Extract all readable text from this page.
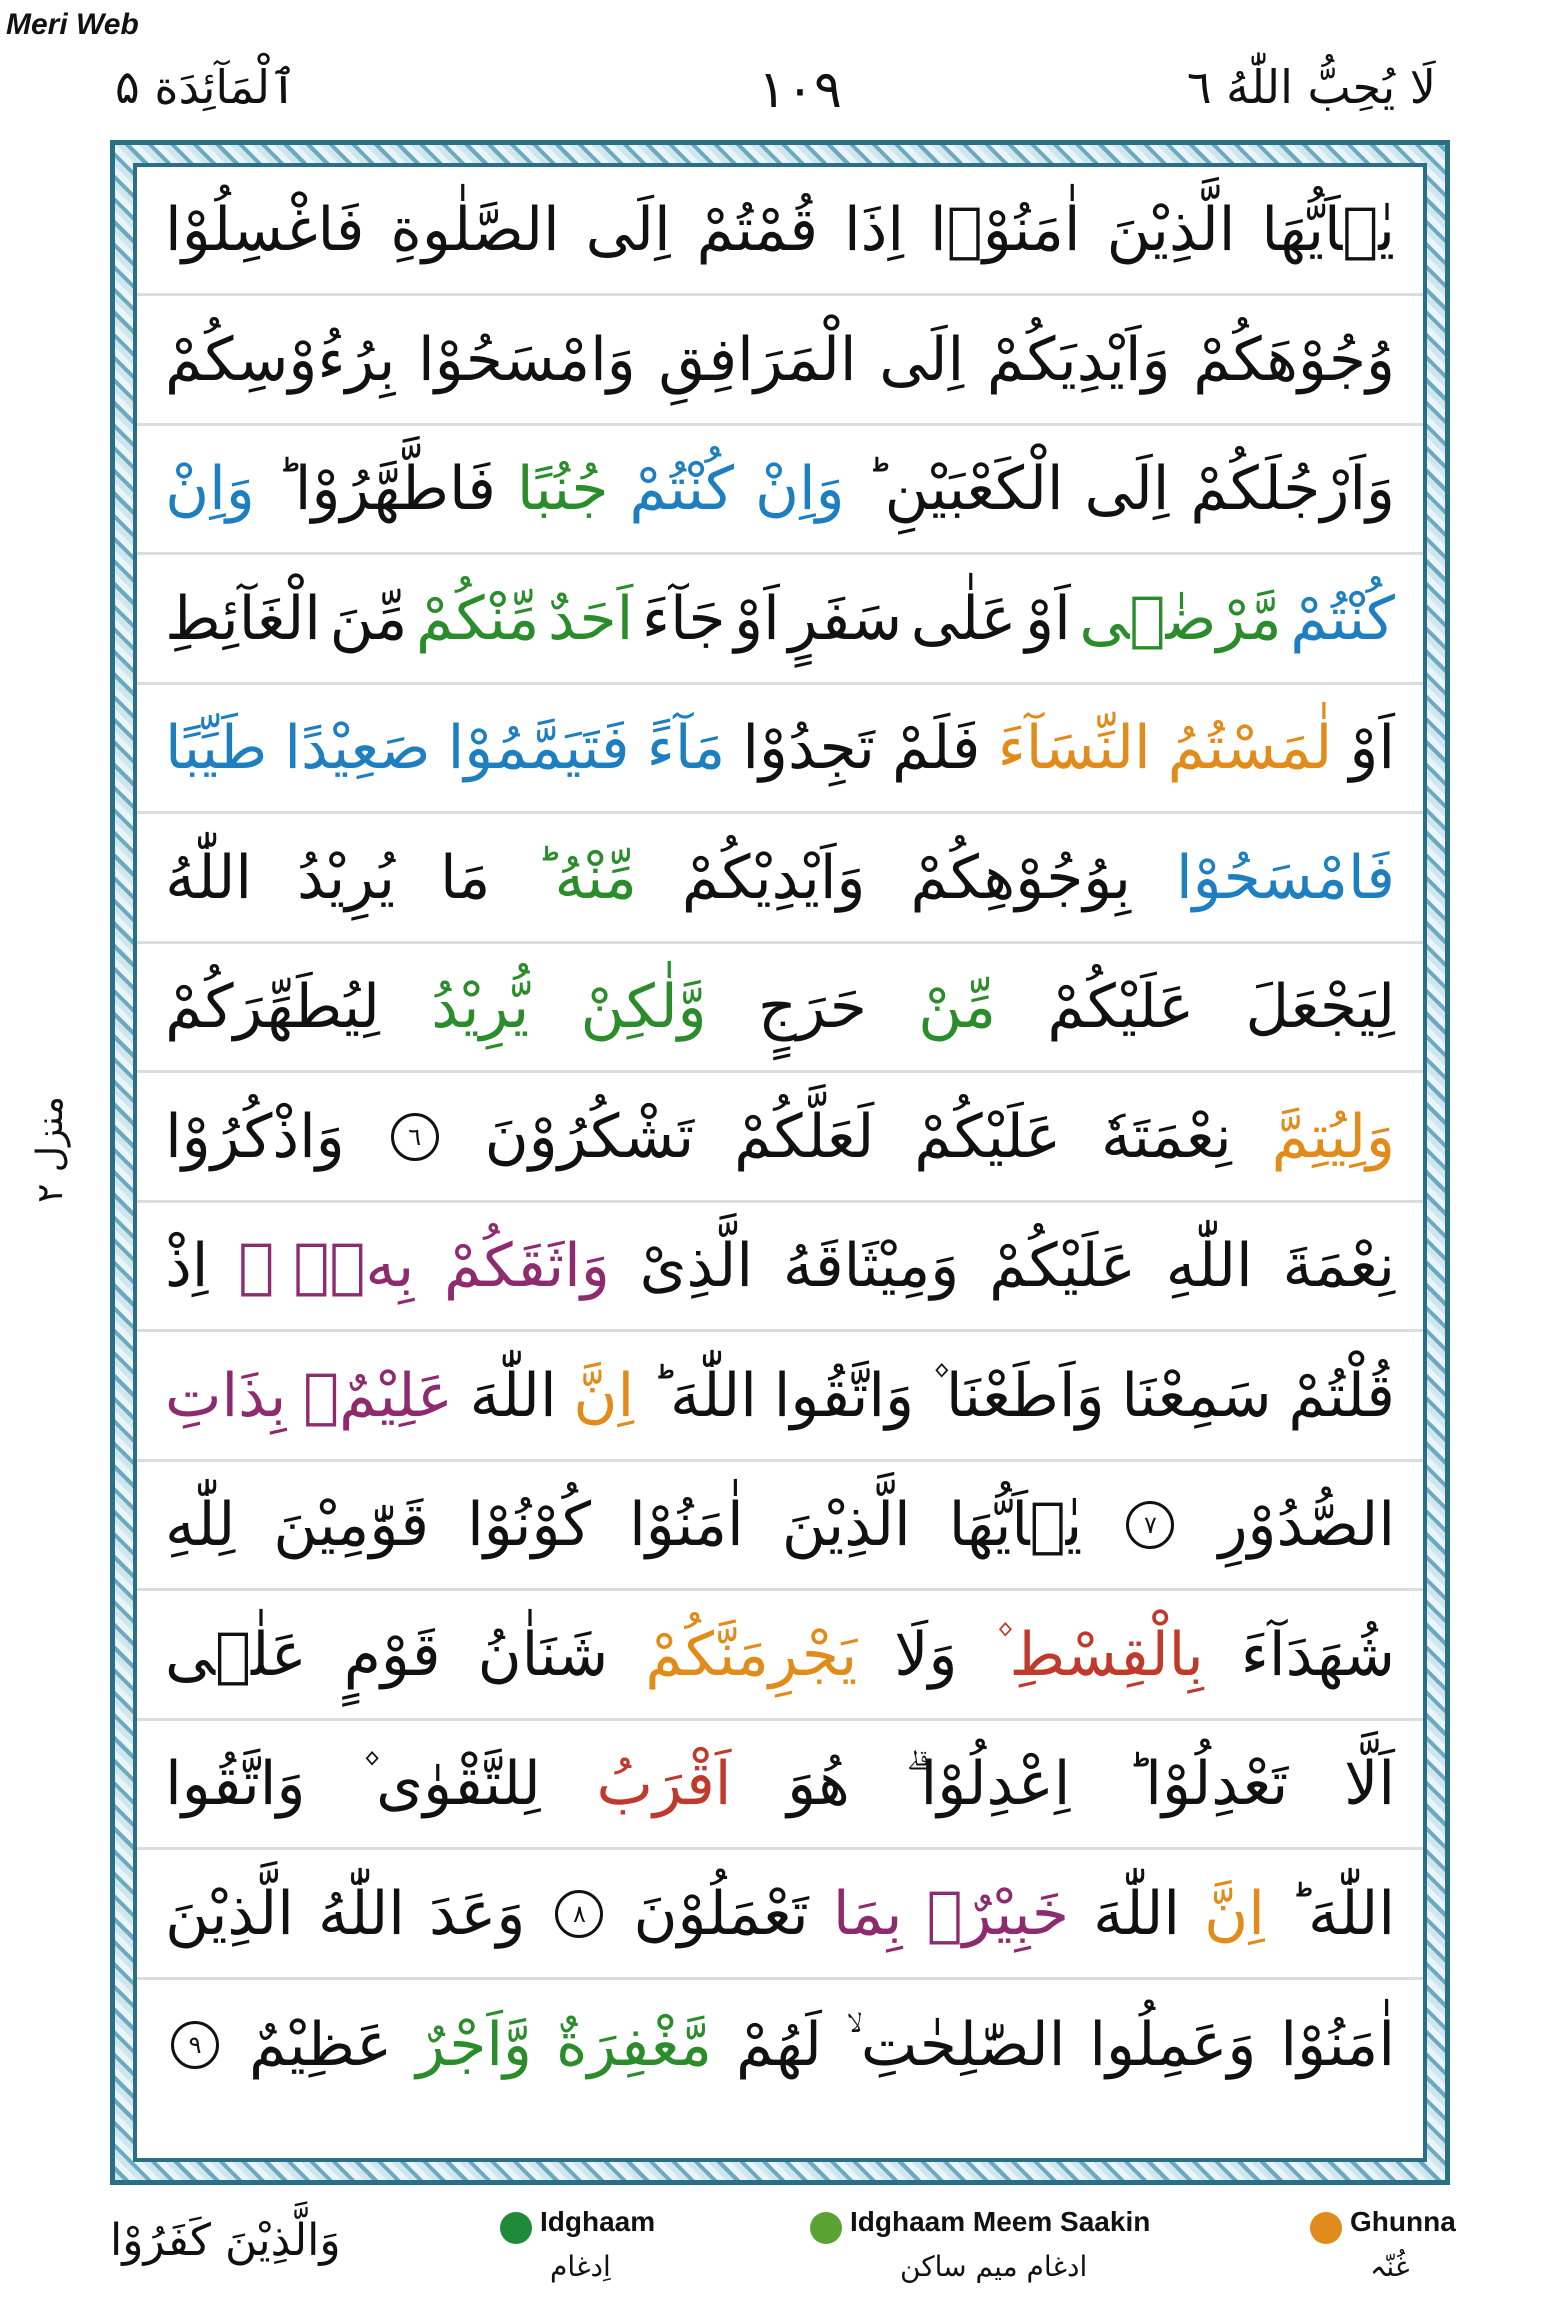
Meri Web
ٱلْمَآئِدَة ۵	١٠٩	لَا يُحِبُّ اللّٰهُ ٦
منزل ٢
يٰۤاَيُّهَا
الَّذِيْنَ
اٰمَنُوْۤا
اِذَا
قُمْتُمْ
اِلَى
الصَّلٰوةِ
فَاغْسِلُوْا
وُجُوْهَكُمْ
وَاَيْدِيَكُمْ
اِلَى
الْمَرَافِقِ
وَامْسَحُوْا
بِرُءُوْسِكُمْ
وَاَرْجُلَكُمْ
اِلَى
الْكَعْبَيْنِ ؕ
وَاِنْ
كُنْتُمْ
جُنُبًا
فَاطَّهَّرُوْا ؕ
وَاِنْ
كُنْتُمْ
مَّرْضٰۤى
اَوْ
عَلٰى
سَفَرٍ
اَوْ
جَآءَ
اَحَدٌ
مِّنْكُمْ
مِّنَ
الْغَآئِطِ
اَوْ
لٰمَسْتُمُ
النِّسَآءَ
فَلَمْ
تَجِدُوْا
مَآءً
فَتَيَمَّمُوْا
صَعِيْدًا
طَيِّبًا
فَامْسَحُوْا
بِوُجُوْهِكُمْ
وَاَيْدِيْكُمْ
مِّنْهُ ؕ
مَا
يُرِيْدُ
اللّٰهُ
لِيَجْعَلَ
عَلَيْكُمْ
مِّنْ
حَرَجٍ
وَّلٰكِنْ
يُّرِيْدُ
لِيُطَهِّرَكُمْ
وَلِيُتِمَّ
نِعْمَتَهٗ
عَلَيْكُمْ
لَعَلَّكُمْ
تَشْكُرُوْنَ
٦
وَاذْكُرُوْا
نِعْمَةَ
اللّٰهِ
عَلَيْكُمْ
وَمِيْثَاقَهُ
الَّذِىْ
وَاثَقَكُمْ
بِهٖۤ ۙ
اِذْ
قُلْتُمْ
سَمِعْنَا
وَاَطَعْنَا ۫
وَاتَّقُوا
اللّٰهَ ؕ
اِنَّ
اللّٰهَ
عَلِيْمٌۢ
بِذَاتِ
الصُّدُوْرِ
٧
يٰۤاَيُّهَا
الَّذِيْنَ
اٰمَنُوْا
كُوْنُوْا
قَوّٰمِيْنَ
لِلّٰهِ
شُهَدَآءَ
بِالْقِسْطِ ۫
وَلَا
يَجْرِمَنَّكُمْ
شَنَاٰنُ
قَوْمٍ
عَلٰۤى
اَلَّا
تَعْدِلُوْا ؕ
اِعْدِلُوْا ۗ
هُوَ
اَقْرَبُ
لِلتَّقْوٰى ۫
وَاتَّقُوا
اللّٰهَ ؕ
اِنَّ
اللّٰهَ
خَبِيْرٌۢ
بِمَا
تَعْمَلُوْنَ
٨
وَعَدَ
اللّٰهُ
الَّذِيْنَ
اٰمَنُوْا
وَعَمِلُوا
الصّٰلِحٰتِ ۙ
لَهُمْ
مَّغْفِرَةٌ
وَّاَجْرٌ
عَظِيْمٌ
٩
وَالَّذِيْنَ كَفَرُوْا	Idghaam
اِدغام
Idghaam Meem Saakin
ادغام میم ساکن
Ghunna
غُنّہ
